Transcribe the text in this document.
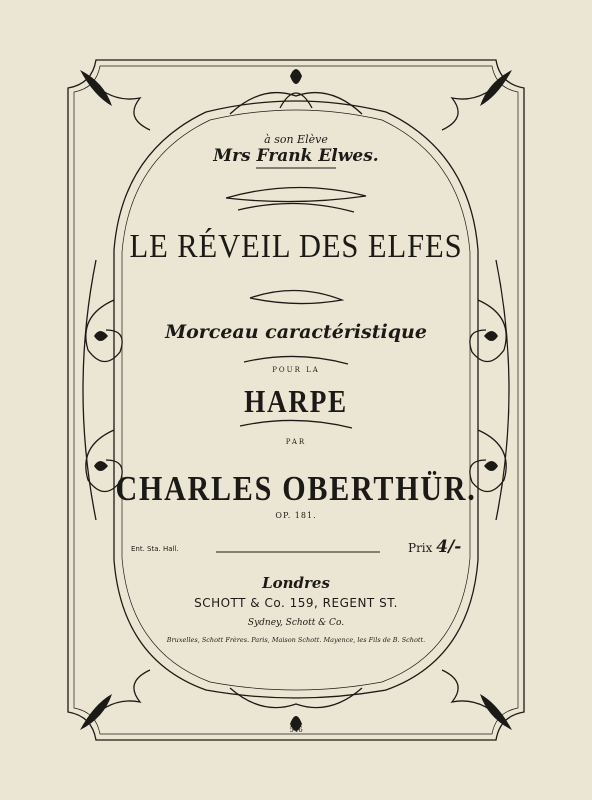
à son Elève
Mrs Frank Elwes.
LE RÉVEIL DES ELFES
Morceau caractéristique
POUR LA
HARPE
PAR
CHARLES OBERTHÜR.
OP. 181.
Ent. Sta. Hall.	Prix 4/-
Londres
SCHOTT & Co. 159, REGENT ST.
Sydney, Schott & Co.
Bruxelles, Schott Frères. Paris, Maison Schott. Mayence, les Fils de B. Schott.
546
